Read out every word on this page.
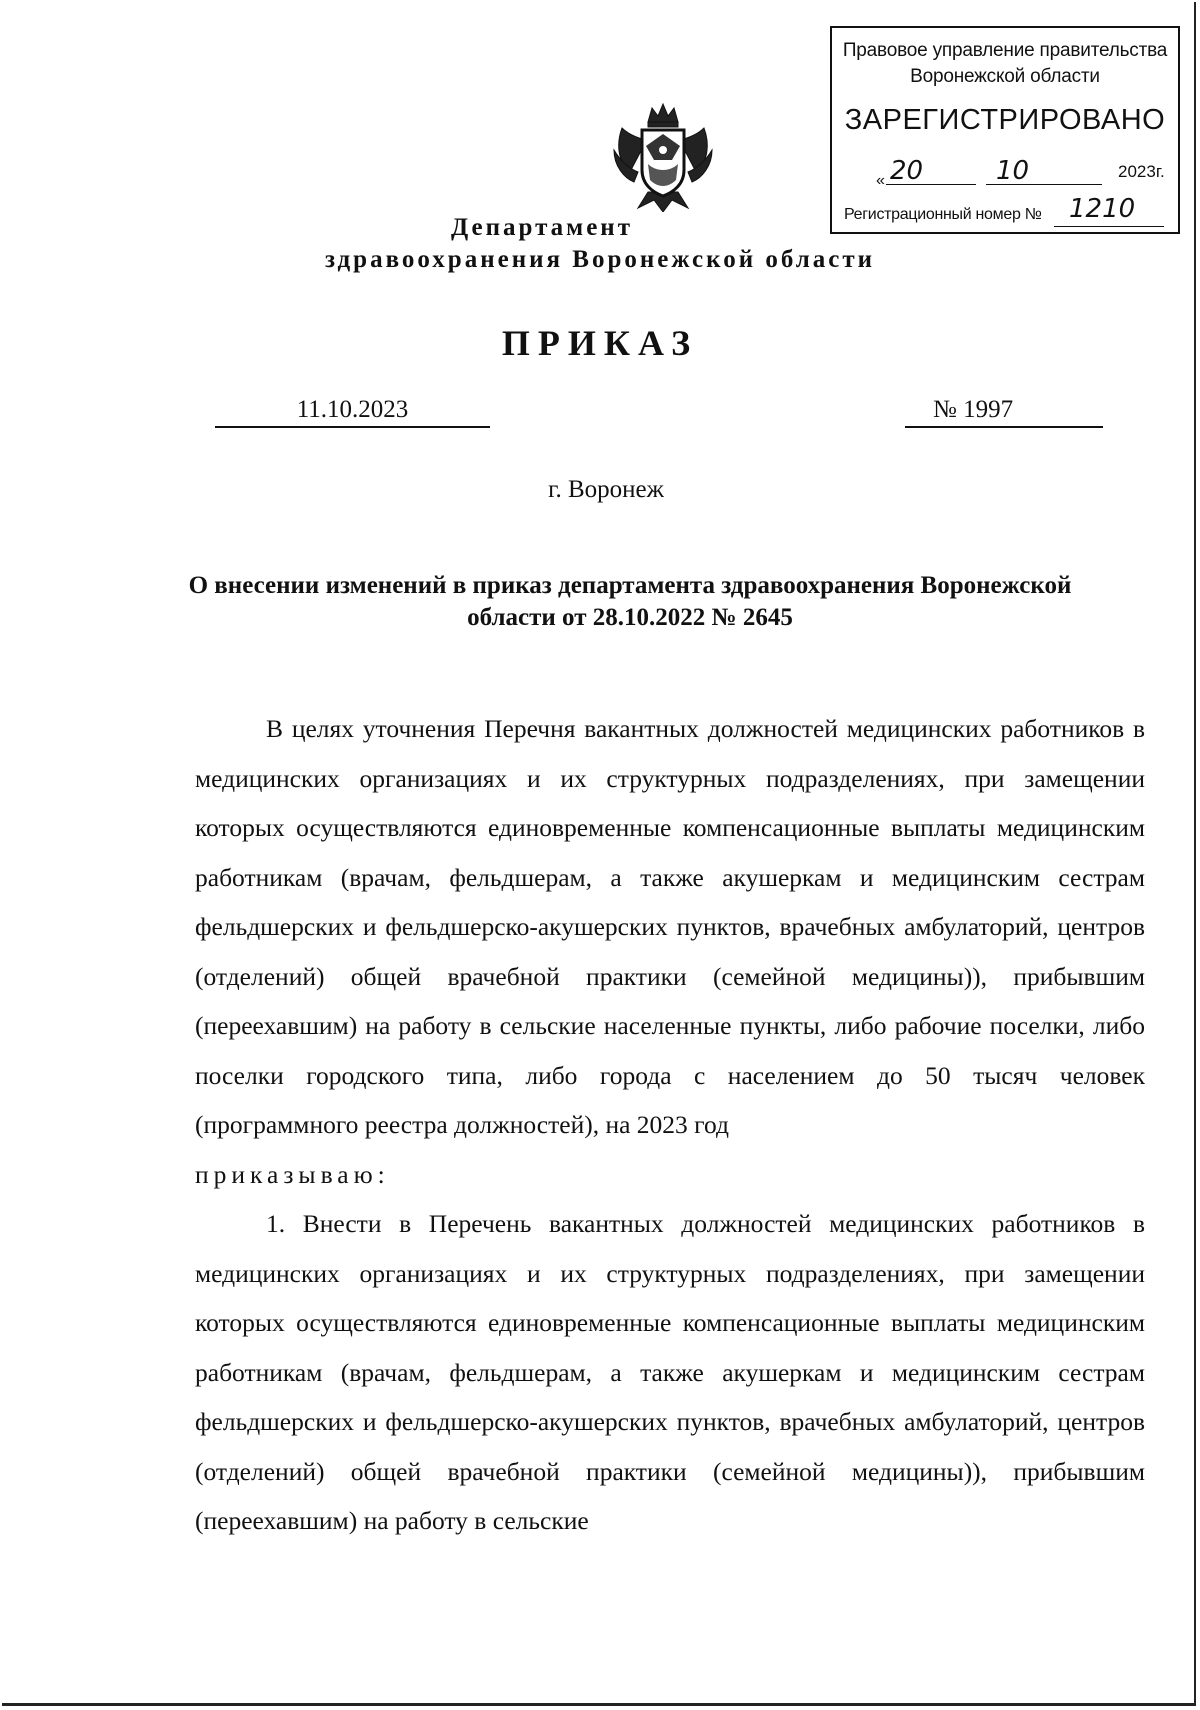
Правовое управление правительства Воронежской области
ЗАРЕГИСТРИРОВАНО
« 20	10	2023г.
Регистрационный номер № 1210
Департамент
здравоохранения Воронежской области
ПРИКАЗ
11.10.2023	№ 1997
г. Воронеж
О внесении изменений в приказ департамента здравоохранения Воронежской области от 28.10.2022 № 2645

В целях уточнения Перечня вакантных должностей медицинских работников в медицинских организациях и их структурных подразделениях, при замещении которых осуществляются единовременные компенсационные выплаты медицинским работникам (врачам, фельдшерам, а также акушеркам и медицинским сестрам фельдшерских и фельдшерско-акушерских пунктов, врачебных амбулаторий, центров (отделений) общей врачебной практики (семейной медицины)), прибывшим (переехавшим) на работу в сельские населенные пункты, либо рабочие поселки, либо поселки городского типа, либо города с населением до 50 тысяч человек (программного реестра должностей), на 2023 год

приказываю:

1. Внести в Перечень вакантных должностей медицинских работников в медицинских организациях и их структурных подразделениях, при замещении которых осуществляются единовременные компенсационные выплаты медицинским работникам (врачам, фельдшерам, а также акушеркам и медицинским сестрам фельдшерских и фельдшерско-акушерских пунктов, врачебных амбулаторий, центров (отделений) общей врачебной практики (семейной медицины)), прибывшим (переехавшим) на работу в сельские
